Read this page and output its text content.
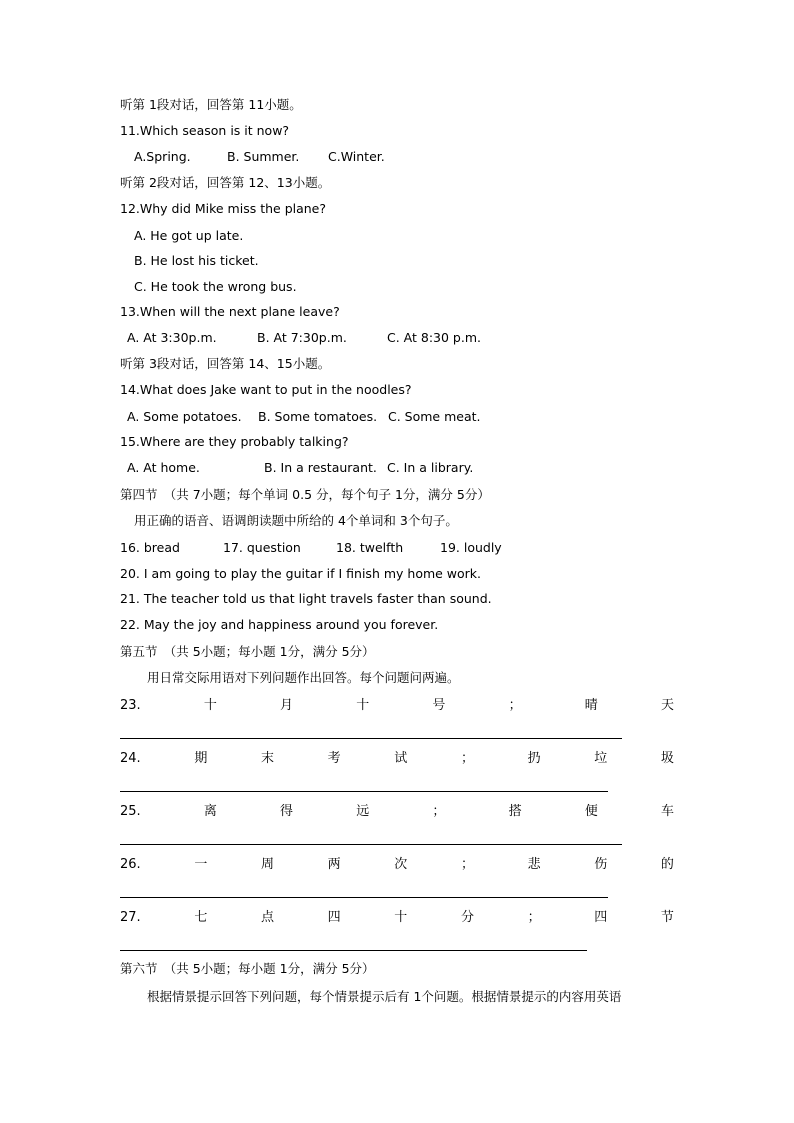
听第 1段对话，回答第 11小题。
11.Which season is it now?
A.Spring.	B. Summer. C.Winter.
听第 2段对话，回答第 12、13小题。
12.Why did Mike miss the plane?
A. He got up late.
B. He lost his ticket.
C. He took the wrong bus.
13.When will the next plane leave?
A. At 3:30p.m.	B. At 7:30p.m.	C. At 8:30 p.m.
听第 3段对话，回答第 14、15小题。
14.What does Jake want to put in the noodles?
A. Some potatoes. B. Some tomatoes. C. Some meat.
15.Where are they probably talking?
A. At home.	B. In a restaurant. C. In a library.
第四节　（共 7小题；每个单词 0.5 分，每个句子 1分，满分 5分）
用正确的语音、语调朗读题中所给的 4个单词和 3个句子。
16. bread	17. question	18. twelfth	19. loudly
20. I am going to play the guitar if I finish my home work.
21. The teacher told us that light travels faster than sound.
22. May the joy and happiness around you forever.
第五节　（共 5小题；每小题 1分，满分 5分）
用日常交际用语对下列问题作出回答。每个问题问两遍。
23.	十	月	十	号	；	晴	天
24.	期	末	考	试	；	扔	垃	圾
25.	离	得	远	；	搭	便	车
26.	一	周	两	次	；	悲	伤	的
27.	七	点	四	十	分	；	四	节
第六节　（共 5小题；每小题 1分，满分 5分）
根据情景提示回答下列问题，每个情景提示后有 1个问题。根据情景提示的内容用英语
